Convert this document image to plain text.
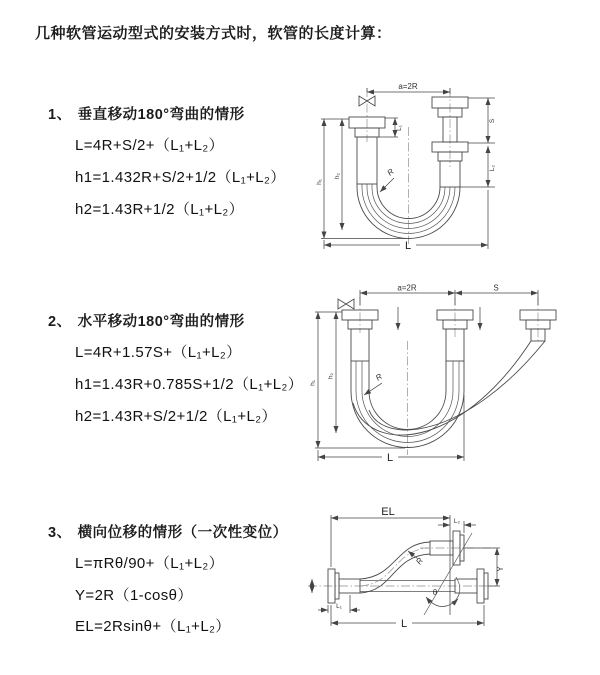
几种软管运动型式的安装方式时，软管的长度计算：
1、 垂直移动180°弯曲的情形
L=4R+S/2+（L₁+L₂）
h1=1.432R+S/2+1/2（L₁+L₂）
h2=1.43R+1/2（L₁+L₂）
2、 水平移动180°弯曲的情形
L=4R+1.57S+（L₁+L₂）
h1=1.43R+0.785S+1/2（L₁+L₂）
h2=1.43R+S/2+1/2（L₁+L₂）
3、 横向位移的情形（一次性变位）
L=πRθ/90+（L₁+L₂）
Y=2R（1-cosθ）
EL=2Rsinθ+（L₁+L₂）
a=2R
h₁
h₂
L₁
S
L₂
R
L
a=2R	S
h₁
h₂	R
L
EL
L₂
Y
L
L₁
R
θ
